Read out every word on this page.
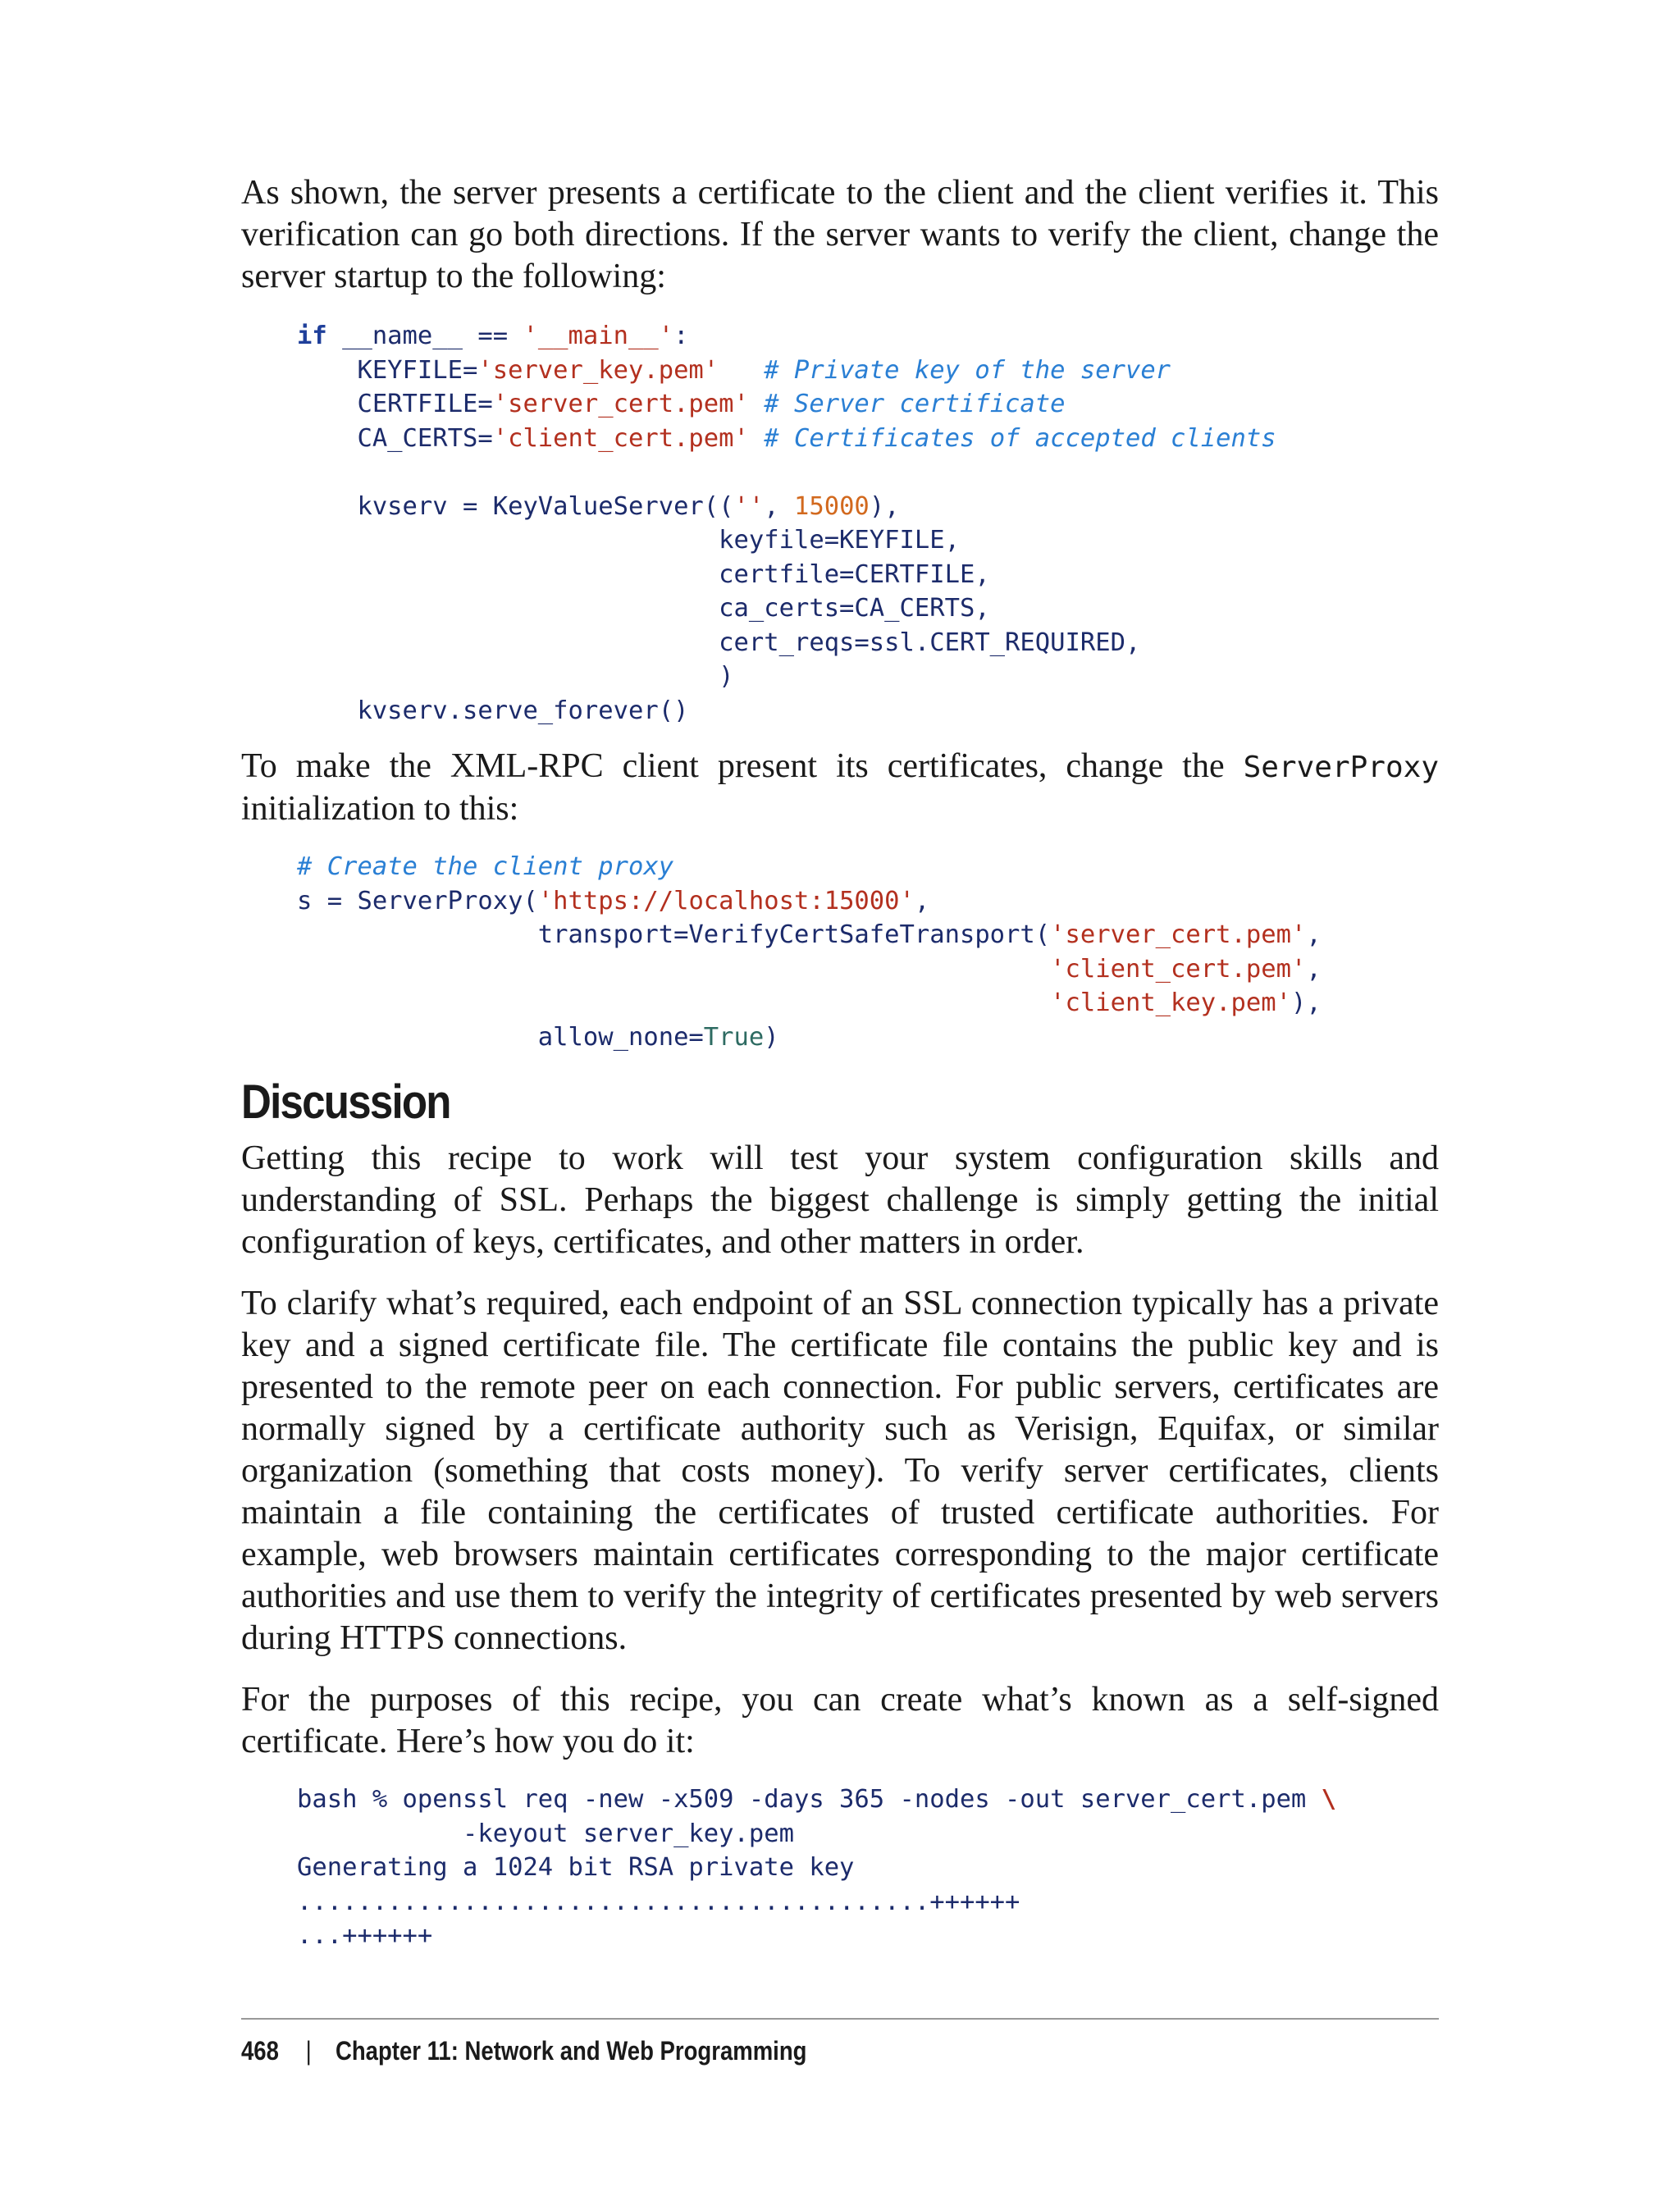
As shown, the server presents a certificate to the client and the client verifies it. This verification can go both directions. If the server wants to verify the client, change the server startup to the following:

if __name__ == '__main__':
KEYFILE='server_key.pem'   # Private key of the server
CERTFILE='server_cert.pem' # Server certificate
CA_CERTS='client_cert.pem' # Certificates of accepted clients

kvserv = KeyValueServer(('', 15000),
keyfile=KEYFILE,
certfile=CERTFILE,
ca_certs=CA_CERTS,
cert_reqs=ssl.CERT_REQUIRED,
)
kvserv.serve_forever()

To make the XML-RPC client present its certificates, change the ServerProxy initialization to this:

# Create the client proxy
s = ServerProxy('https://localhost:15000',
transport=VerifyCertSafeTransport('server_cert.pem',
'client_cert.pem',
'client_key.pem'),
allow_none=True)
Discussion

Getting this recipe to work will test your system configuration skills and understanding of SSL. Perhaps the biggest challenge is simply getting the initial configuration of keys, certificates, and other matters in order.

To clarify what’s required, each endpoint of an SSL connection typically has a private key and a signed certificate file. The certificate file contains the public key and is presented to the remote peer on each connection. For public servers, certificates are normally signed by a certificate authority such as Verisign, Equifax, or similar organization (something that costs money). To verify server certificates, clients maintain a file containing the certificates of trusted certificate authorities. For example, web browsers maintain certificates corresponding to the major certificate authorities and use them to verify the integrity of certificates presented by web servers during HTTPS connections.

For the purposes of this recipe, you can create what’s known as a self-signed certificate. Here’s how you do it:

bash % openssl req -new -x509 -days 365 -nodes -out server_cert.pem \
-keyout server_key.pem
Generating a 1024 bit RSA private key
..........................................++++++
...++++++
468 | Chapter 11: Network and Web Programming
